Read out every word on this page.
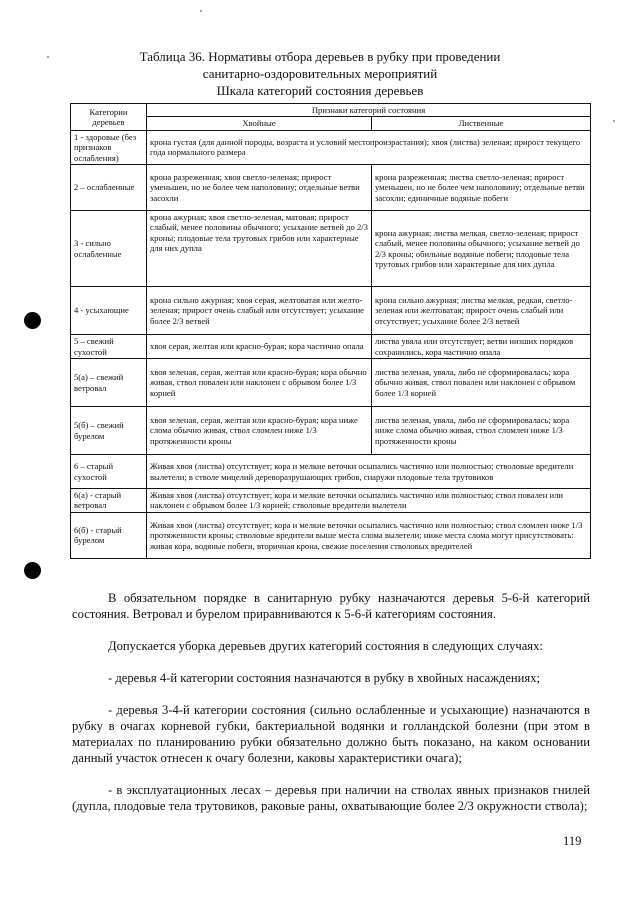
Таблица 36. Нормативы отбора деревьев в рубку при проведении
санитарно-оздоровительных мероприятий
Шкала категорий состояния деревьев
Категории деревьев	Признаки категорий состояния	
	Хвойные	Лиственные
1 - здоровые (без признаков ослабления)	крона густая (для данной породы, возраста и условий местопроизрастания); хвоя (листва) зеленая; прирост текущего года нормального размера	
2 – ослабленные	крона разреженная; хвоя светло-зеленая; прирост уменьшен, но не более чем наполовину; отдельные ветви засохли	крона разреженная; листва светло-зеленая; прирост уменьшен, но не более чем наполовину; отдельные ветви засохли; единичные водяные побеги
3 - сильно ослабленные	крона ажурная; хвоя светло-зеленая, матовая; прирост слабый, менее половины обычного; усыхание ветвей до 2/3 кроны; плодовые тела трутовых грибов или характерные для них дупла	крона ажурная; листва мелкая, светло-зеленая; прирост слабый, менее половины обычного; усыхание ветвей до 2/3 кроны; обильные водяные побеги; плодовые тела трутовых грибов или характерные для них дупла
4 - усыхающие	крона сильно ажурная; хвоя серая, желтоватая или желто-зеленая; прирост очень слабый или отсутствует; усыхание более 2/3 ветвей	крона сильно ажурная; листва мелкая, редкая, светло-зеленая или желтоватая; прирост очень слабый или отсутствует; усыхание более 2/3 ветвей
5 – свежий сухостой	хвоя серая, желтая или красно-бурая; кора частично опала	листва увяла или отсутствует; ветви низших порядков сохранились, кора частично опала
5(а) – свежий ветровал	хвоя зеленая, серая, желтая или красно-бурая; кора обычно живая, ствол повален или наклонен с обрывом более 1/3 корней	листва зеленая, увяла, либо не сформировалась; кора обычно живая, ствол повален или наклонен с обрывом более 1/3 корней
5(б) – свежий бурелом	хвоя зеленая, серая, желтая или красно-бурая; кора ниже слома обычно живая, ствол сломлен ниже 1/3 протяженности кроны	листва зеленая, увяла, либо не сформировалась; кора ниже слома обычно живая, ствол сломлен ниже 1/3 протяженности кроны
6 – старый сухостой	Живая хвоя (листва) отсутствует; кора и мелкие веточки осыпались частично или полностью; стволовые вредители вылетели; в стволе мицелий дереворазрушающих грибов, снаружи плодовые тела трутовиков	
6(а) - старый ветровал	Живая хвоя (листва) отсутствует; кора и мелкие веточки осыпались частично или полностью; ствол повален или наклонен с обрывом более 1/3 корней; стволовые вредители вылетели	
6(б) - старый бурелом	Живая хвоя (листва) отсутствует; кора и мелкие веточки осыпались частично или полностью; ствол сломлен ниже 1/3 протяженности кроны; стволовые вредители выше места слома вылетели; ниже места слома могут присутствовать: живая кора, водяные побеги, вторичная крона, свежие поселения стволовых вредителей	
В обязательном порядке в санитарную рубку назначаются деревья 5-6-й категорий состояния. Ветровал и бурелом приравниваются к 5-6-й категориям состояния.
Допускается уборка деревьев других категорий состояния в следующих случаях:
- деревья 4-й категории состояния назначаются в рубку в хвойных насаждениях;
- деревья 3-4-й категории состояния (сильно ослабленные и усыхающие) назначаются в рубку в очагах корневой губки, бактериальной водянки и голландской болезни (при этом в материалах по планированию рубки обязательно должно быть показано, на каком основании данный участок отнесен к очагу болезни, каковы характеристики очага);
- в эксплуатационных лесах – деревья при наличии на стволах явных признаков гнилей (дупла, плодовые тела трутовиков, раковые раны, охватывающие более 2/3 окружности ствола);
119
